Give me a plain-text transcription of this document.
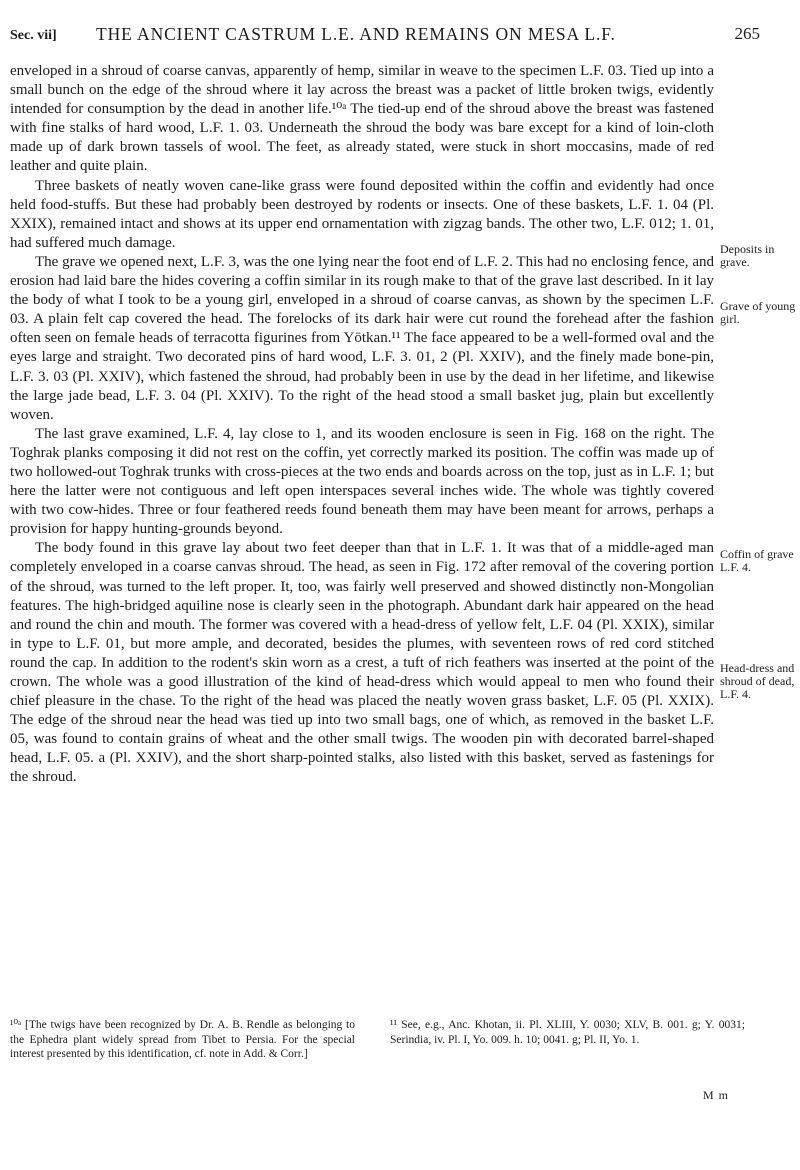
Sec. vii] THE ANCIENT CASTRUM L.E. AND REMAINS ON MESA L.F.	265

enveloped in a shroud of coarse canvas, apparently of hemp, similar in weave to the specimen L.F. 03. Tied up into a small bunch on the edge of the shroud where it lay across the breast was a packet of little broken twigs, evidently intended for consumption by the dead in another life.¹⁰ᵃ The tied-up end of the shroud above the breast was fastened with fine stalks of hard wood, L.F. 1. 03. Underneath the shroud the body was bare except for a kind of loin-cloth made up of dark brown tassels of wool. The feet, as already stated, were stuck in short moccasins, made of red leather and quite plain.

Three baskets of neatly woven cane-like grass were found deposited within the coffin and evidently had once held food-stuffs. But these had probably been destroyed by rodents or insects. One of these baskets, L.F. 1. 04 (Pl. XXIX), remained intact and shows at its upper end ornamentation with zigzag bands. The other two, L.F. 012; 1. 01, had suffered much damage.

The grave we opened next, L.F. 3, was the one lying near the foot end of L.F. 2. This had no enclosing fence, and erosion had laid bare the hides covering a coffin similar in its rough make to that of the grave last described. In it lay the body of what I took to be a young girl, enveloped in a shroud of coarse canvas, as shown by the specimen L.F. 03. A plain felt cap covered the head. The forelocks of its dark hair were cut round the forehead after the fashion often seen on female heads of terracotta figurines from Yōtkan.¹¹ The face appeared to be a well-formed oval and the eyes large and straight. Two decorated pins of hard wood, L.F. 3. 01, 2 (Pl. XXIV), and the finely made bone-pin, L.F. 3. 03 (Pl. XXIV), which fastened the shroud, had probably been in use by the dead in her lifetime, and likewise the large jade bead, L.F. 3. 04 (Pl. XXIV). To the right of the head stood a small basket jug, plain but excellently woven.

The last grave examined, L.F. 4, lay close to 1, and its wooden enclosure is seen in Fig. 168 on the right. The Toghrak planks composing it did not rest on the coffin, yet correctly marked its position. The coffin was made up of two hollowed-out Toghrak trunks with cross-pieces at the two ends and boards across on the top, just as in L.F. 1; but here the latter were not contiguous and left open interspaces several inches wide. The whole was tightly covered with two cow-hides. Three or four feathered reeds found beneath them may have been meant for arrows, perhaps a provision for happy hunting-grounds beyond.

The body found in this grave lay about two feet deeper than that in L.F. 1. It was that of a middle-aged man completely enveloped in a coarse canvas shroud. The head, as seen in Fig. 172 after removal of the covering portion of the shroud, was turned to the left proper. It, too, was fairly well preserved and showed distinctly non-Mongolian features. The high-bridged aquiline nose is clearly seen in the photograph. Abundant dark hair appeared on the head and round the chin and mouth. The former was covered with a head-dress of yellow felt, L.F. 04 (Pl. XXIX), similar in type to L.F. 01, but more ample, and decorated, besides the plumes, with seventeen rows of red cord stitched round the cap. In addition to the rodent's skin worn as a crest, a tuft of rich feathers was inserted at the point of the crown. The whole was a good illustration of the kind of head-dress which would appeal to men who found their chief pleasure in the chase. To the right of the head was placed the neatly woven grass basket, L.F. 05 (Pl. XXIX). The edge of the shroud near the head was tied up into two small bags, one of which, as removed in the basket L.F. 05, was found to contain grains of wheat and the other small twigs. The wooden pin with decorated barrel-shaped head, L.F. 05. a (Pl. XXIV), and the short sharp-pointed stalks, also listed with this basket, served as fastenings for the shroud.

Deposits in grave.
Grave of young girl.
Coffin of grave L.F. 4.
Head-dress and shroud of dead, L.F. 4.
¹⁰ᵃ [The twigs have been recognized by Dr. A. B. Rendle as belonging to the Ephedra plant widely spread from Tibet to Persia. For the special interest presented by this identification, cf. note in Add. & Corr.]
¹¹ See, e.g., Anc. Khotan, ii. Pl. XLIII, Y. 0030; XLV, B. 001. g; Y. 0031; Serindia, iv. Pl. I, Yo. 009. h. 10; 0041. g; Pl. II, Yo. 1.
M m
